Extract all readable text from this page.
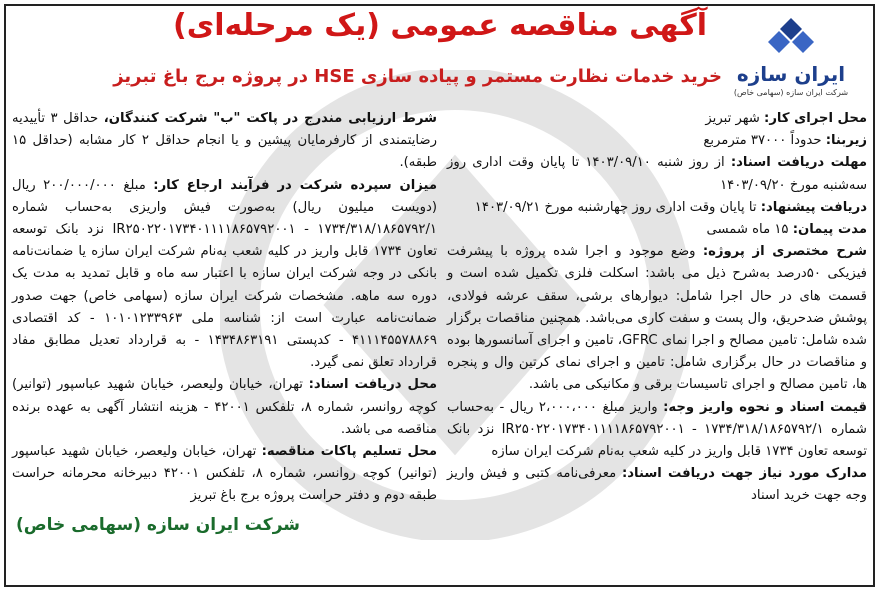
ایران سازه
شرکت ایران سازه (سهامی خاص)
آگهی مناقصه عمومی (یک مرحله‌ای)
خرید خدمات نظارت مستمر و پیاده سازی HSE در پروژه برج باغ تبریز

محل اجرای کار: شهر تبریز

زیربنا: حدوداً ۳۷۰۰۰ مترمربع

مهلت دریافت اسناد: از روز شنبه ۱۴۰۳/۰۹/۱۰ تا پایان وقت اداری روز سه‌شنبه مورخ ۱۴۰۳/۰۹/۲۰

دریافت پیشنهاد: تا پایان وقت اداری روز چهارشنبه مورخ ۱۴۰۳/۰۹/۲۱

مدت پیمان: ۱۵ ماه شمسی

شرح مختصری از پروژه: وضع موجود و اجرا شده پروژه با پیشرفت فیزیکی ۵۰درصد به‌شرح ذیل می باشد: اسکلت فلزی تکمیل شده است و قسمت های در حال اجرا شامل: دیوارهای برشی، سقف عرشه فولادی، پوشش ضدحریق، وال پست و سفت کاری می‌باشد. همچنین مناقصات برگزار شده شامل: تامین مصالح و اجرا نمای GFRC، تامین و اجرای آسانسورها بوده و مناقصات در حال برگزاری شامل: تامین و اجرای نمای کرتین وال و پنجره ها، تامین مصالح و اجرای تاسیسات برقی و مکانیکی می باشد.

قیمت اسناد و نحوه واریز وجه: واریز مبلغ ۲،۰۰۰،۰۰۰ ریال - به‌حساب شماره ۱۷۳۴/۳۱۸/۱۸۶۵۷۹۲/۱ - IR۲۵۰۲۲۰۱۷۳۴۰۱۱۱۱۸۶۵۷۹۲۰۰۱ نزد بانک توسعه تعاون ۱۷۳۴ قابل واریز در کلیه شعب به‌نام شرکت ایران سازه

مدارک مورد نیاز جهت دریافت اسناد: معرفی‌نامه کتبی و فیش واریز وجه جهت خرید اسناد

شرط ارزیابی مندرج در پاکت "ب" شرکت کنندگان، حداقل ۳ تأییدیه رضایتمندی از کارفرمایان پیشین و یا انجام حداقل ۲ کار مشابه (حداقل ۱۵ طبقه).

میزان سپرده شرکت در فرآیند ارجاع کار: مبلغ ۲۰۰/۰۰۰/۰۰۰ ریال (دویست میلیون ریال) به‌صورت فیش واریزی به‌حساب شماره ۱۷۳۴/۳۱۸/۱۸۶۵۷۹۲/۱ - IR۲۵۰۲۲۰۱۷۳۴۰۱۱۱۱۸۶۵۷۹۲۰۰۱ نزد بانک توسعه تعاون ۱۷۳۴ قابل واریز در کلیه شعب به‌نام شرکت ایران سازه یا ضمانت‌نامه بانکی در وجه شرکت ایران سازه با اعتبار سه ماه و قابل تمدید به مدت یک دوره سه ماهه. مشخصات شرکت ایران سازه (سهامی خاص) جهت صدور ضمانت‌نامه عبارت است از: شناسه ملی ۱۰۱۰۱۲۳۳۹۶۳ - کد اقتصادی ۴۱۱۱۴۵۵۷۸۸۶۹ - کدپستی ۱۴۳۴۸۶۳۱۹۱ - به قرارداد تعدیل مطابق مفاد قرارداد تعلق نمی گیرد.

محل دریافت اسناد: تهران، خیابان ولیعصر، خیابان شهید عباسپور (توانیر) کوچه روانسر، شماره ۸، تلفکس ۴۲۰۰۱ - هزینه انتشار آگهی به عهده برنده مناقصه می باشد.

محل تسلیم پاکات مناقصه: تهران، خیابان ولیعصر، خیابان شهید عباسپور (توانیر) کوچه روانسر، شماره ۸، تلفکس ۴۲۰۰۱ دبیرخانه محرمانه حراست طبقه دوم و دفتر حراست پروژه برج باغ تبریز

شرکت ایران سازه (سهامی خاص)
